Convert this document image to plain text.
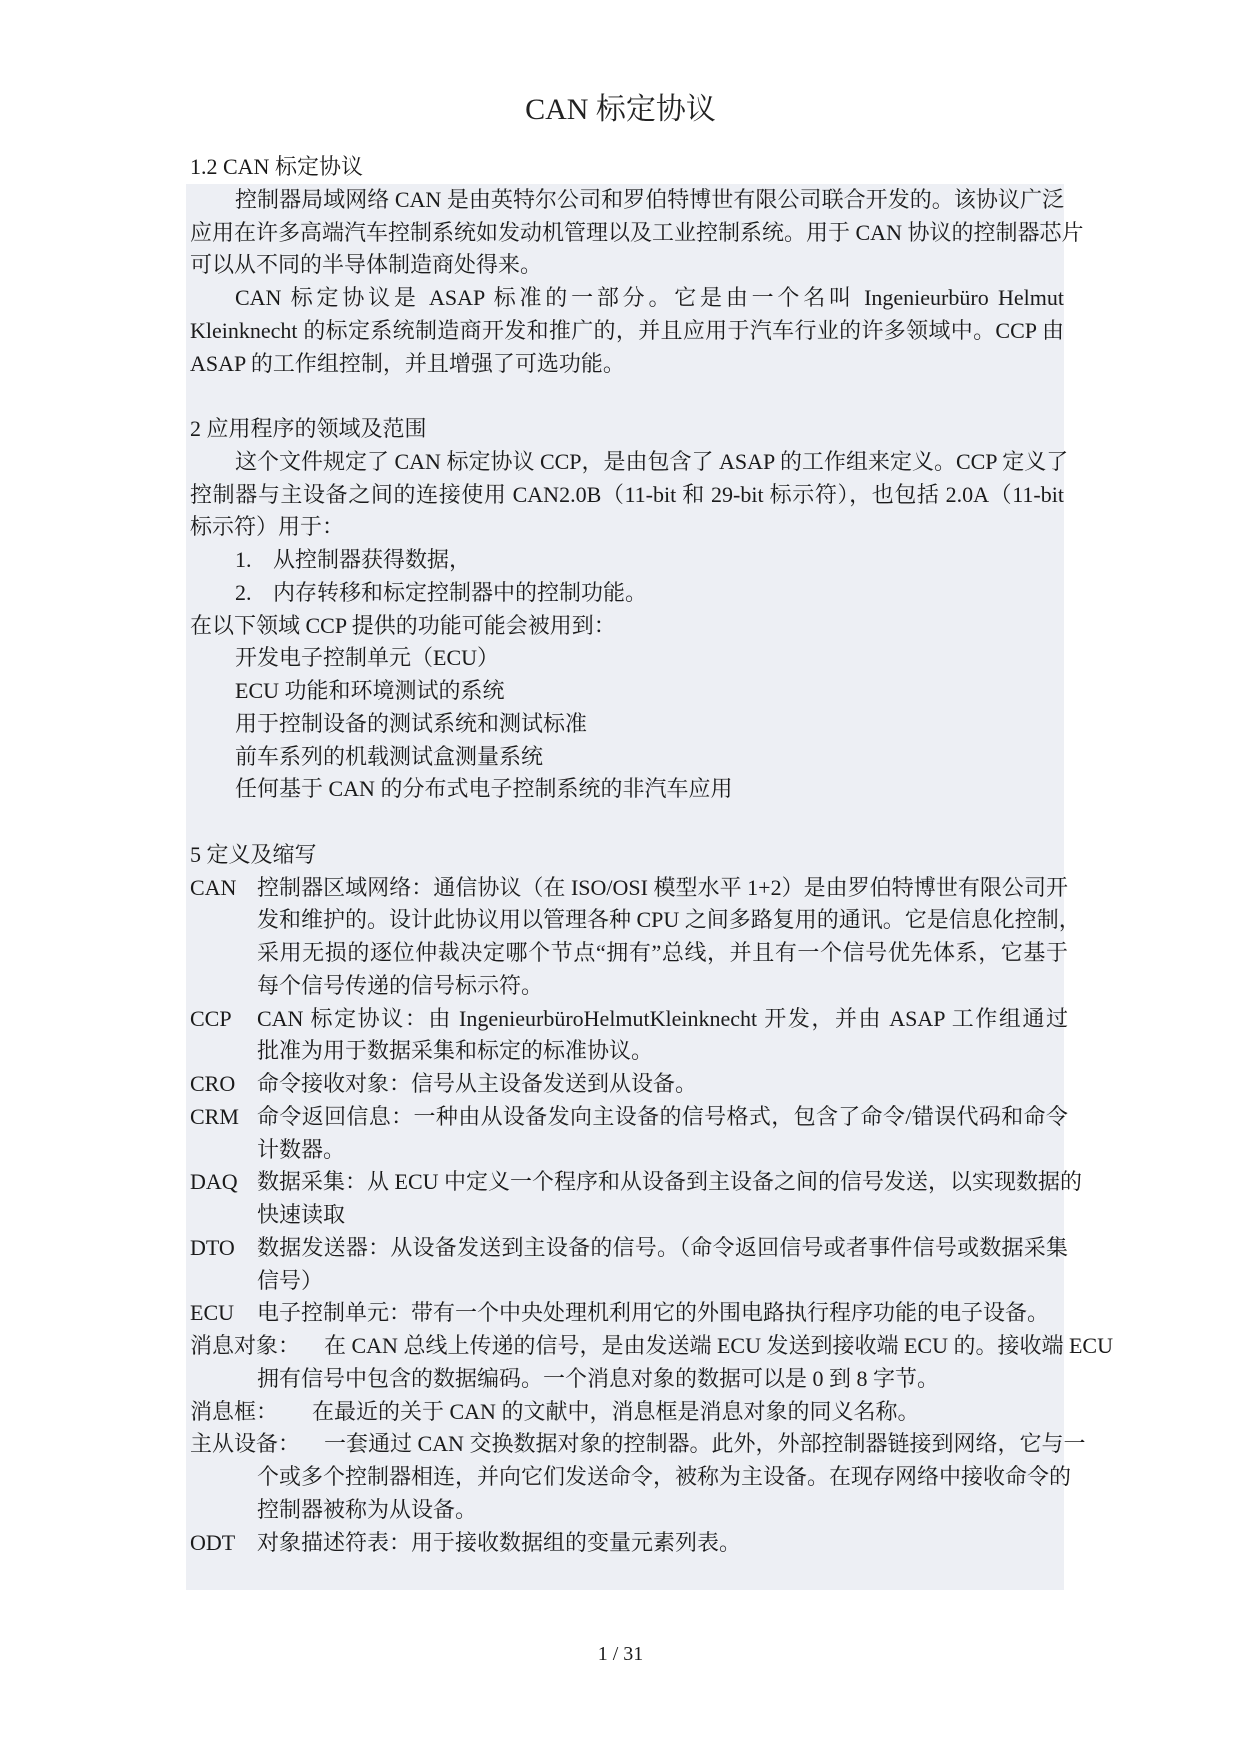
CAN 标定协议
1.2 CAN 标定协议
控制器局域网络 CAN 是由英特尔公司和罗伯特博世有限公司联合开发的。该协议广泛
应用在许多高端汽车控制系统如发动机管理以及工业控制系统。用于 CAN 协议的控制器芯片
可以从不同的半导体制造商处得来。
CAN 标定协议是 ASAP 标准的一部分。它是由一个名叫 Ingenieurbüro Helmut
Kleinknecht 的标定系统制造商开发和推广的，并且应用于汽车行业的许多领域中。CCP 由
ASAP 的工作组控制，并且增强了可选功能。
2 应用程序的领域及范围
这个文件规定了 CAN 标定协议 CCP，是由包含了 ASAP 的工作组来定义。CCP 定义了
控制器与主设备之间的连接使用 CAN2.0B（11-bit 和 29-bit 标示符），也包括 2.0A（11-bit
标示符）用于：
1. 从控制器获得数据，
2. 内存转移和标定控制器中的控制功能。
在以下领域 CCP 提供的功能可能会被用到：
开发电子控制单元（ECU）
ECU 功能和环境测试的系统
用于控制设备的测试系统和测试标准
前车系列的机载测试盒测量系统
任何基于 CAN 的分布式电子控制系统的非汽车应用
5 定义及缩写
CAN 控制器区域网络：通信协议（在 ISO/OSI 模型水平 1+2）是由罗伯特博世有限公司开
发和维护的。设计此协议用以管理各种 CPU 之间多路复用的通讯。它是信息化控制，
采用无损的逐位仲裁决定哪个节点“拥有”总线，并且有一个信号优先体系，它基于
每个信号传递的信号标示符。
CCP CAN 标定协议：由 IngenieurbüroHelmutKleinknecht 开发，并由 ASAP 工作组通过
批准为用于数据采集和标定的标准协议。
CRO 命令接收对象：信号从主设备发送到从设备。
CRM 命令返回信息：一种由从设备发向主设备的信号格式，包含了命令/错误代码和命令
计数器。
DAQ 数据采集：从 ECU 中定义一个程序和从设备到主设备之间的信号发送，以实现数据的
快速读取
DTO 数据发送器：从设备发送到主设备的信号。（命令返回信号或者事件信号或数据采集
信号）
ECU 电子控制单元：带有一个中央处理机利用它的外围电路执行程序功能的电子设备。
消息对象： 在 CAN 总线上传递的信号，是由发送端 ECU 发送到接收端 ECU 的。接收端 ECU
拥有信号中包含的数据编码。一个消息对象的数据可以是 0 到 8 字节。
消息框： 在最近的关于 CAN 的文献中，消息框是消息对象的同义名称。
主从设备： 一套通过 CAN 交换数据对象的控制器。此外，外部控制器链接到网络，它与一
个或多个控制器相连，并向它们发送命令，被称为主设备。在现存网络中接收命令的
控制器被称为从设备。
ODT 对象描述符表：用于接收数据组的变量元素列表。
1 / 31
